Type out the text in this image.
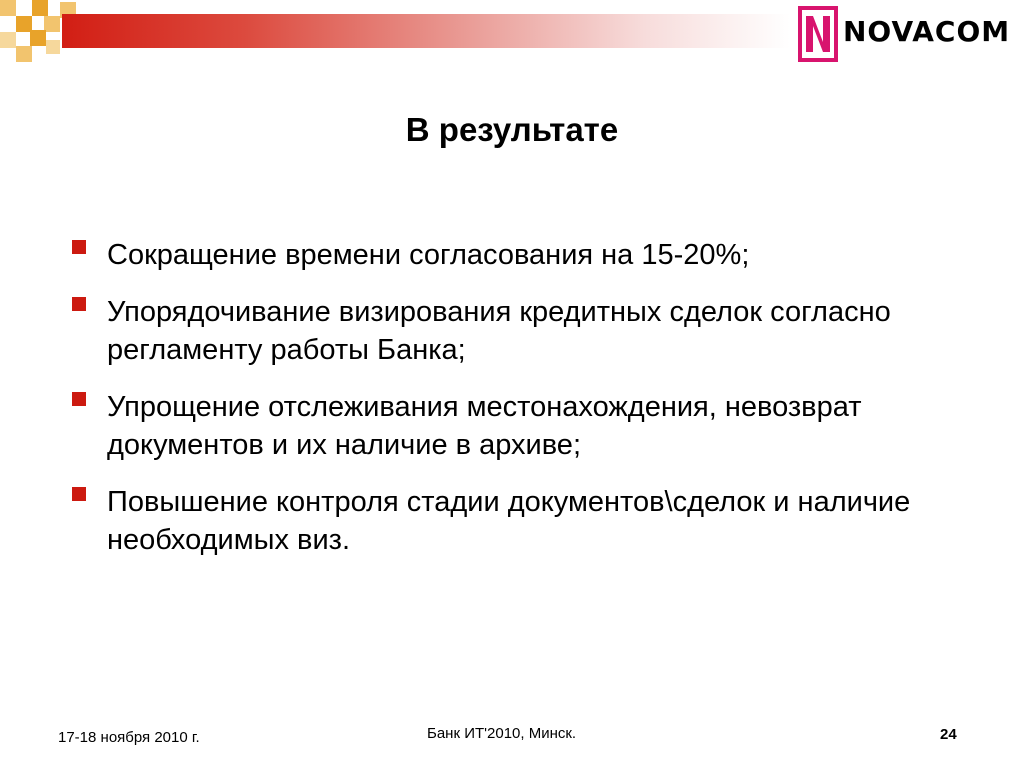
NOVACOM
В результате
Сокращение времени согласования на 15-20%;
Упорядочивание визирования кредитных сделок согласно регламенту работы Банка;
Упрощение отслеживания местонахождения, невозврат документов и их наличие в архиве;
Повышение контроля стадии документов\сделок и наличие необходимых виз.
17-18 ноября 2010 г.	Банк ИТ'2010, Минск.	24
